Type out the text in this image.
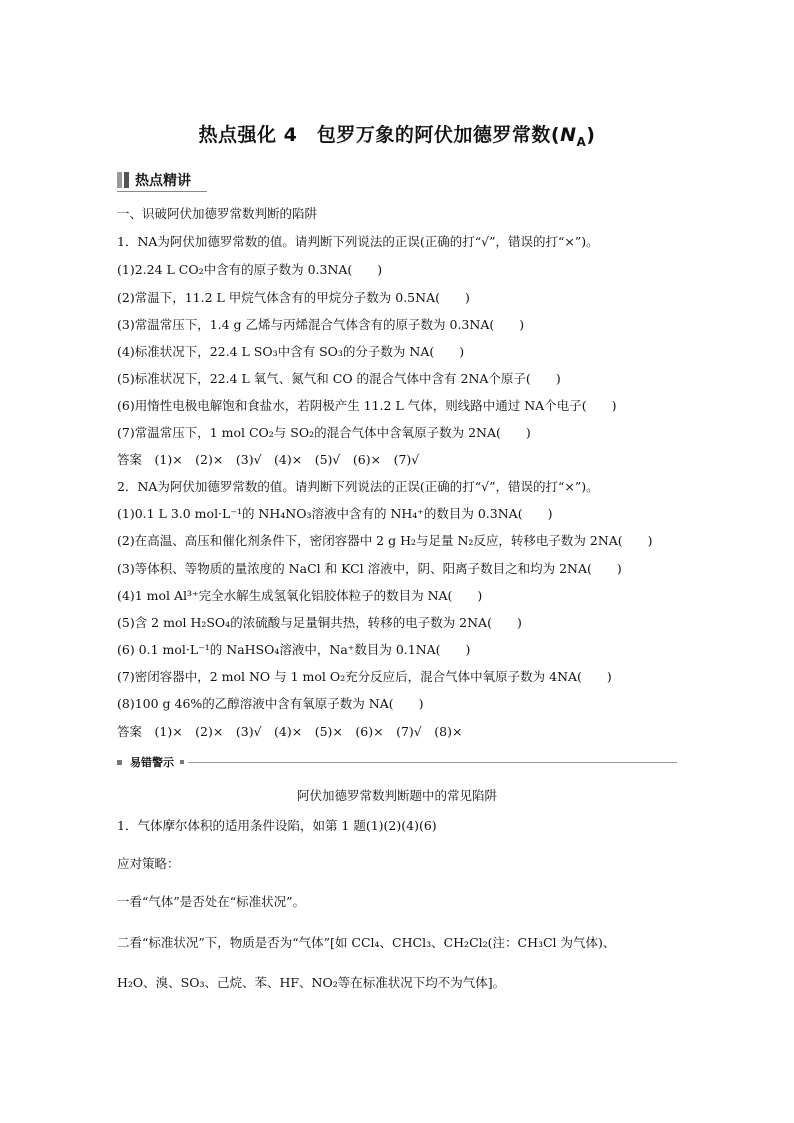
热点强化 4　包罗万象的阿伏加德罗常数$(N_A)$
热点精讲
一、识破阿伏加德罗常数判断的陷阱
1．NA为阿伏加德罗常数的值。请判断下列说法的正误(正确的打“√”，错误的打“×”)。
(1)2.24 L CO₂中含有的原子数为 0.3NA(　　)
(2)常温下，11.2 L 甲烷气体含有的甲烷分子数为 0.5NA(　　)
(3)常温常压下，1.4 g 乙烯与丙烯混合气体含有的原子数为 0.3NA(　　)
(4)标准状况下，22.4 L SO₃中含有 SO₃的分子数为 NA(　　)
(5)标准状况下，22.4 L 氧气、氮气和 CO 的混合气体中含有 2NA个原子(　　)
(6)用惰性电极电解饱和食盐水，若阴极产生 11.2 L 气体，则线路中通过 NA个电子(　　)
(7)常温常压下，1 mol CO₂与 SO₂的混合气体中含氧原子数为 2NA(　　)
答案　(1)×　(2)×　(3)√　(4)×　(5)√　(6)×　(7)√
2．NA为阿伏加德罗常数的值。请判断下列说法的正误(正确的打“√”，错误的打“×”)。
(1)0.1 L 3.0 mol·L⁻¹的 NH₄NO₃溶液中含有的 NH₄⁺的数目为 0.3NA(　　)
(2)在高温、高压和催化剂条件下，密闭容器中 2 g H₂与足量 N₂反应，转移电子数为 2NA(　　)
(3)等体积、等物质的量浓度的 NaCl 和 KCl 溶液中，阴、阳离子数目之和均为 2NA(　　)
(4)1 mol Al³⁺完全水解生成氢氧化铝胶体粒子的数目为 NA(　　)
(5)含 2 mol H₂SO₄的浓硫酸与足量铜共热，转移的电子数为 2NA(　　)
(6) 0.1 mol·L⁻¹的 NaHSO₄溶液中，Na⁺数目为 0.1NA(　　)
(7)密闭容器中，2 mol NO 与 1 mol O₂充分反应后，混合气体中氧原子数为 4NA(　　)
(8)100 g 46%的乙醇溶液中含有氧原子数为 NA(　　)
答案　(1)×　(2)×　(3)√　(4)×　(5)×　(6)×　(7)√　(8)×
易错警示
阿伏加德罗常数判断题中的常见陷阱
1．气体摩尔体积的适用条件设陷，如第 1 题(1)(2)(4)(6)
应对策略：
一看“气体”是否处在“标准状况”。
二看“标准状况”下，物质是否为“气体”[如 CCl₄、CHCl₃、CH₂Cl₂(注：CH₃Cl 为气体)、
H₂O、溴、SO₃、己烷、苯、HF、NO₂等在标准状况下均不为气体]。
